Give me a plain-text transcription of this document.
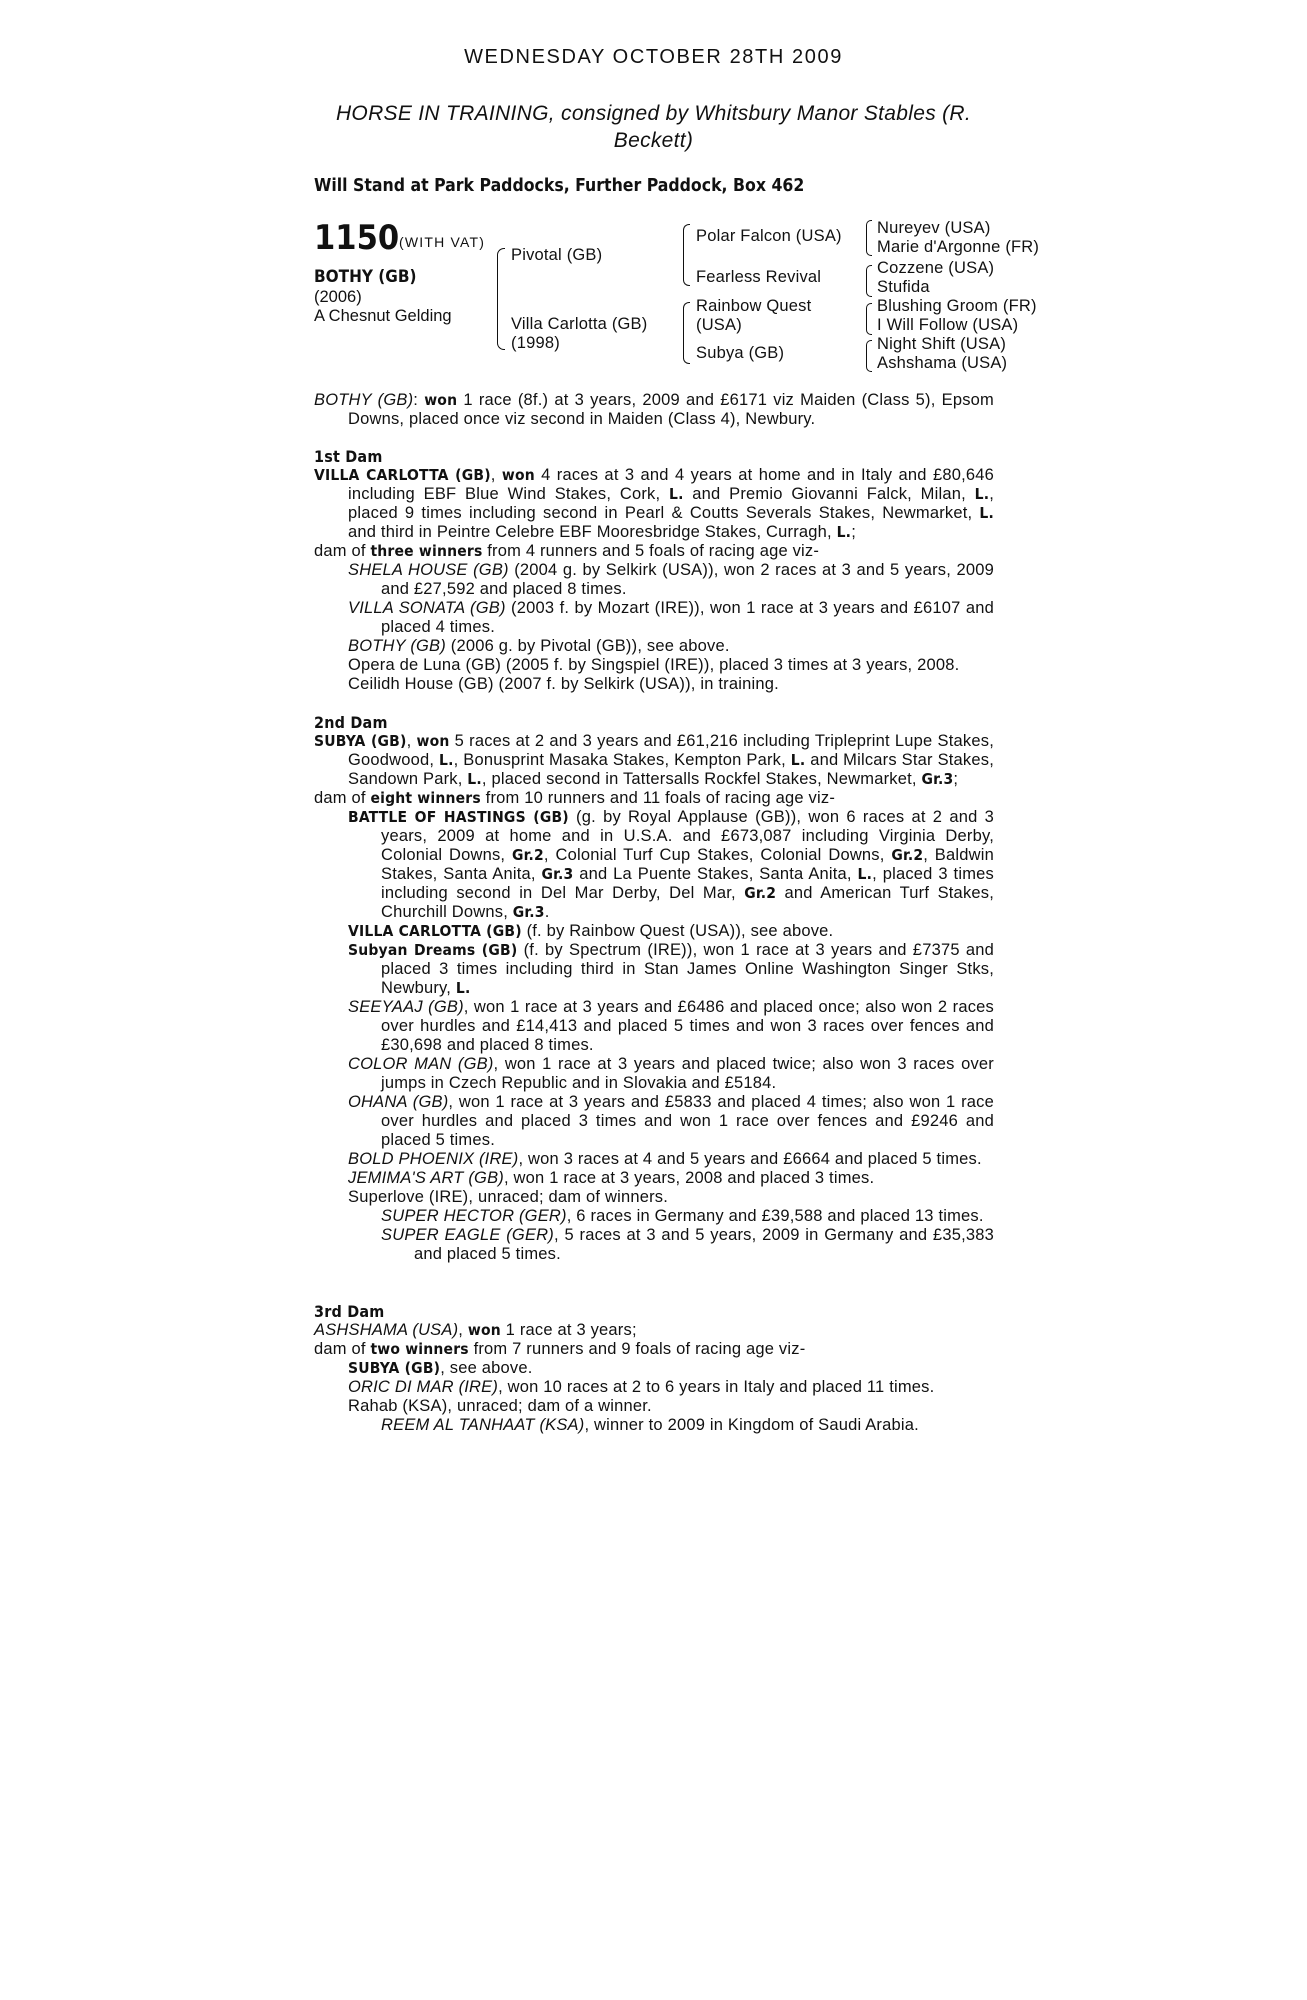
WEDNESDAY OCTOBER 28TH 2009
HORSE IN TRAINING, consigned by Whitsbury Manor Stables (R. Beckett)
Will Stand at Park Paddocks, Further Paddock, Box 462
1150 (WITH VAT)
BOTHY (GB)
(2006)
A Chesnut Gelding
Pivotal (GB)
Villa Carlotta (GB)
(1998)
Polar Falcon (USA)
Fearless Revival
Rainbow Quest
(USA)
Subya (GB)
Nureyev (USA)
Marie d'Argonne (FR)
Cozzene (USA)
Stufida
Blushing Groom (FR)
I Will Follow (USA)
Night Shift (USA)
Ashshama (USA)

BOTHY (GB): won 1 race (8f.) at 3 years, 2009 and £6171 viz Maiden (Class 5), Epsom Downs, placed once viz second in Maiden (Class 4), Newbury.

1st Dam

VILLA CARLOTTA (GB), won 4 races at 3 and 4 years at home and in Italy and £80,646 including EBF Blue Wind Stakes, Cork, L. and Premio Giovanni Falck, Milan, L., placed 9 times including second in Pearl & Coutts Severals Stakes, Newmarket, L. and third in Peintre Celebre EBF Mooresbridge Stakes, Curragh, L.;

dam of three winners from 4 runners and 5 foals of racing age viz-

SHELA HOUSE (GB) (2004 g. by Selkirk (USA)), won 2 races at 3 and 5 years, 2009 and £27,592 and placed 8 times.

VILLA SONATA (GB) (2003 f. by Mozart (IRE)), won 1 race at 3 years and £6107 and placed 4 times.

BOTHY (GB) (2006 g. by Pivotal (GB)), see above.

Opera de Luna (GB) (2005 f. by Singspiel (IRE)), placed 3 times at 3 years, 2008.

Ceilidh House (GB) (2007 f. by Selkirk (USA)), in training.

2nd Dam

SUBYA (GB), won 5 races at 2 and 3 years and £61,216 including Tripleprint Lupe Stakes, Goodwood, L., Bonusprint Masaka Stakes, Kempton Park, L. and Milcars Star Stakes, Sandown Park, L., placed second in Tattersalls Rockfel Stakes, Newmarket, Gr.3;

dam of eight winners from 10 runners and 11 foals of racing age viz-

BATTLE OF HASTINGS (GB) (g. by Royal Applause (GB)), won 6 races at 2 and 3 years, 2009 at home and in U.S.A. and £673,087 including Virginia Derby, Colonial Downs, Gr.2, Colonial Turf Cup Stakes, Colonial Downs, Gr.2, Baldwin Stakes, Santa Anita, Gr.3 and La Puente Stakes, Santa Anita, L., placed 3 times including second in Del Mar Derby, Del Mar, Gr.2 and American Turf Stakes, Churchill Downs, Gr.3.

VILLA CARLOTTA (GB) (f. by Rainbow Quest (USA)), see above.

Subyan Dreams (GB) (f. by Spectrum (IRE)), won 1 race at 3 years and £7375 and placed 3 times including third in Stan James Online Washington Singer Stks, Newbury, L.

SEEYAAJ (GB), won 1 race at 3 years and £6486 and placed once; also won 2 races over hurdles and £14,413 and placed 5 times and won 3 races over fences and £30,698 and placed 8 times.

COLOR MAN (GB), won 1 race at 3 years and placed twice; also won 3 races over jumps in Czech Republic and in Slovakia and £5184.

OHANA (GB), won 1 race at 3 years and £5833 and placed 4 times; also won 1 race over hurdles and placed 3 times and won 1 race over fences and £9246 and placed 5 times.

BOLD PHOENIX (IRE), won 3 races at 4 and 5 years and £6664 and placed 5 times.

JEMIMA'S ART (GB), won 1 race at 3 years, 2008 and placed 3 times.

Superlove (IRE), unraced; dam of winners.

SUPER HECTOR (GER), 6 races in Germany and £39,588 and placed 13 times.

SUPER EAGLE (GER), 5 races at 3 and 5 years, 2009 in Germany and £35,383 and placed 5 times.

3rd Dam

ASHSHAMA (USA), won 1 race at 3 years;

dam of two winners from 7 runners and 9 foals of racing age viz-

SUBYA (GB), see above.

ORIC DI MAR (IRE), won 10 races at 2 to 6 years in Italy and placed 11 times.

Rahab (KSA), unraced; dam of a winner.

REEM AL TANHAAT (KSA), winner to 2009 in Kingdom of Saudi Arabia.
